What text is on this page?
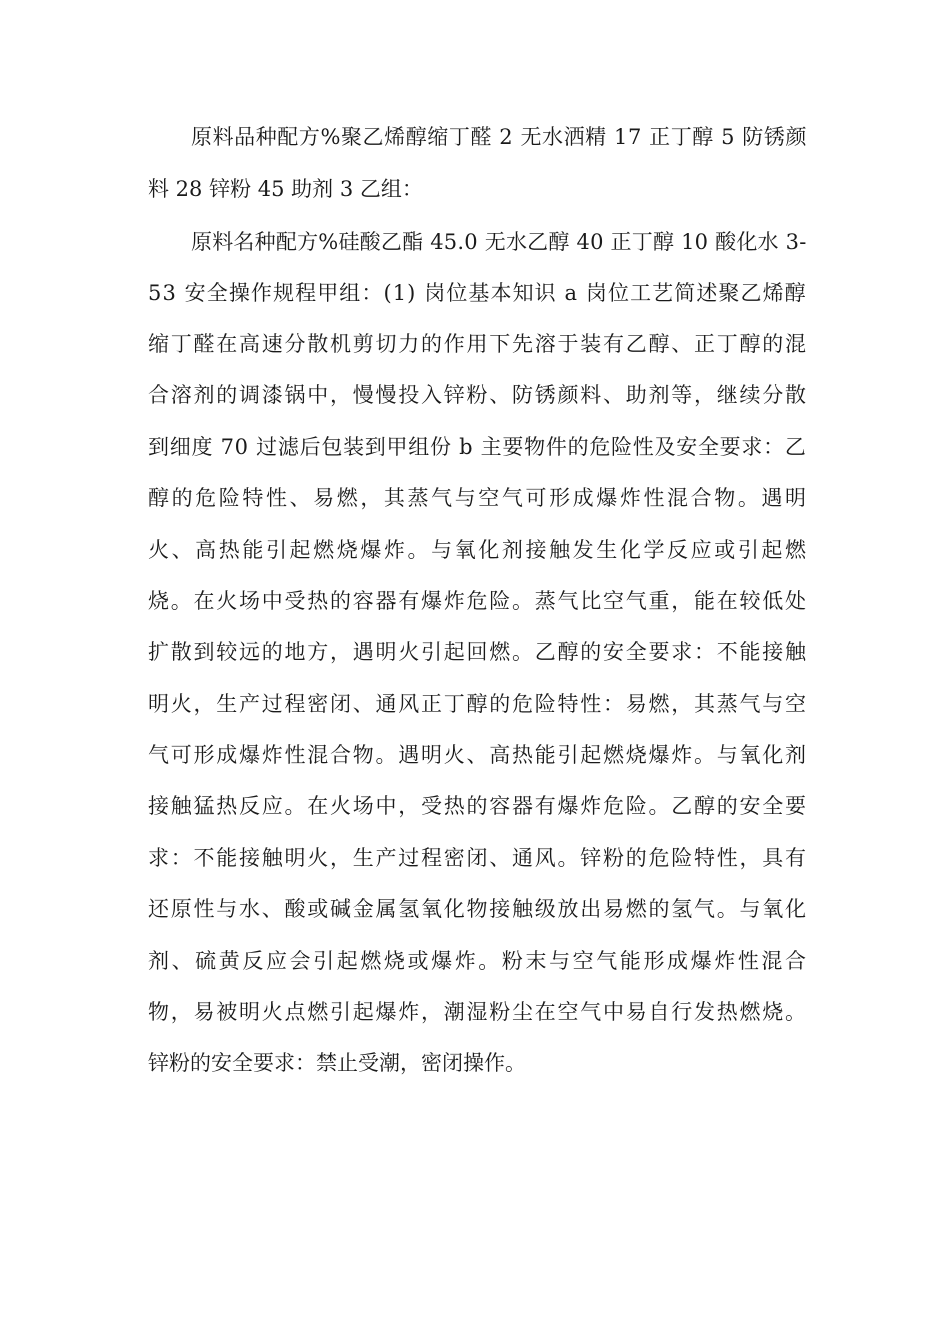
原料品种配方%聚乙烯醇缩丁醛 2 无水洒精 17 正丁醇 5 防锈颜
料 28 锌粉 45 助剂 3 乙组：
原料名种配方%硅酸乙酯 45.0 无水乙醇 40 正丁醇 10 酸化水 3-
53 安全操作规程甲组：(1) 岗位基本知识 a 岗位工艺简述聚乙烯醇
缩丁醛在高速分散机剪切力的作用下先溶于装有乙醇、正丁醇的混
合溶剂的调漆锅中，慢慢投入锌粉、防锈颜料、助剂等，继续分散
到细度 70 过滤后包装到甲组份 b 主要物件的危险性及安全要求：乙
醇的危险特性、易燃，其蒸气与空气可形成爆炸性混合物。遇明
火、高热能引起燃烧爆炸。与氧化剂接触发生化学反应或引起燃
烧。在火场中受热的容器有爆炸危险。蒸气比空气重，能在较低处
扩散到较远的地方，遇明火引起回燃。乙醇的安全要求：不能接触
明火，生产过程密闭、通风正丁醇的危险特性：易燃，其蒸气与空
气可形成爆炸性混合物。遇明火、高热能引起燃烧爆炸。与氧化剂
接触猛热反应。在火场中，受热的容器有爆炸危险。乙醇的安全要
求：不能接触明火，生产过程密闭、通风。锌粉的危险特性，具有
还原性与水、酸或碱金属氢氧化物接触级放出易燃的氢气。与氧化
剂、硫黄反应会引起燃烧或爆炸。粉末与空气能形成爆炸性混合
物，易被明火点燃引起爆炸，潮湿粉尘在空气中易自行发热燃烧。
锌粉的安全要求：禁止受潮，密闭操作。
